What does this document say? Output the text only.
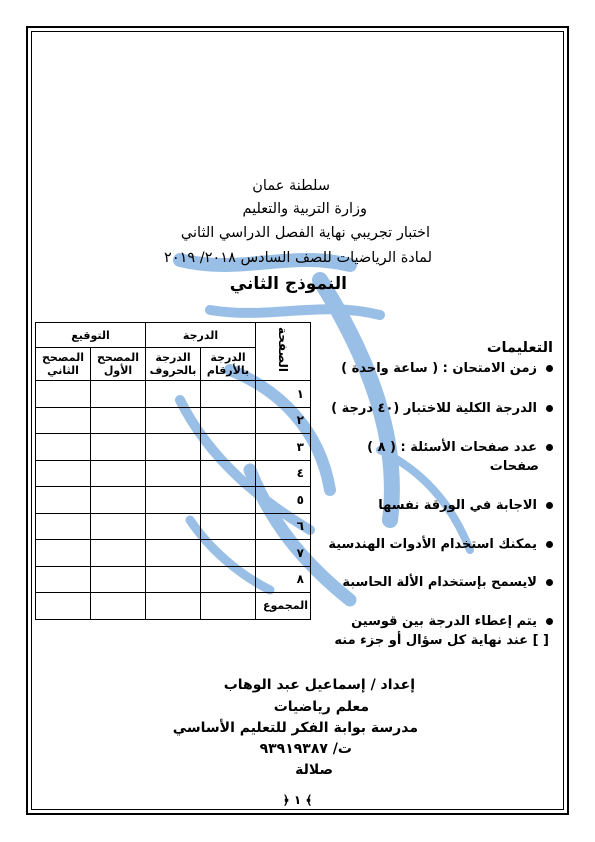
سلطنة عمان
وزارة التربية والتعليم
اختبار تجريبي نهاية الفصل الدراسي الثاني
لمادة الرياضيات للصف السادس ٢٠١٨/ ٢٠١٩
النموذج الثاني
الصفحة	الدرجة		التوقيع	
	الدرجة بالأرقام	الدرجة بالحروف	المصحح الأول	المصحح الثاني
١				
٢				
٣				
٤				
٥				
٦				
٧				
٨				
المجموع				
التعليمات
زمن الامتحان : ( ساعة واحدة )
الدرجة الكلية للاختبار (٤٠ درجة )
عدد صفحات الأسئلة : ( ٨ )
صفحات
الاجابة في الورقة نفسها
يمكنك استخدام الأدوات الهندسية
لايسمح بإستخدام الألة الحاسبة
يتم إعطاء الدرجة بين قوسين
[ ] عند نهاية كل سؤال أو جزء منه
إعداد / إسماعيل عبد الوهاب
معلم رياضيات
مدرسة بوابة الفكر للتعليم الأساسي
ت/ ٩٣٩١٩٣٨٧
صلالة
﴿ ١ ﴾
